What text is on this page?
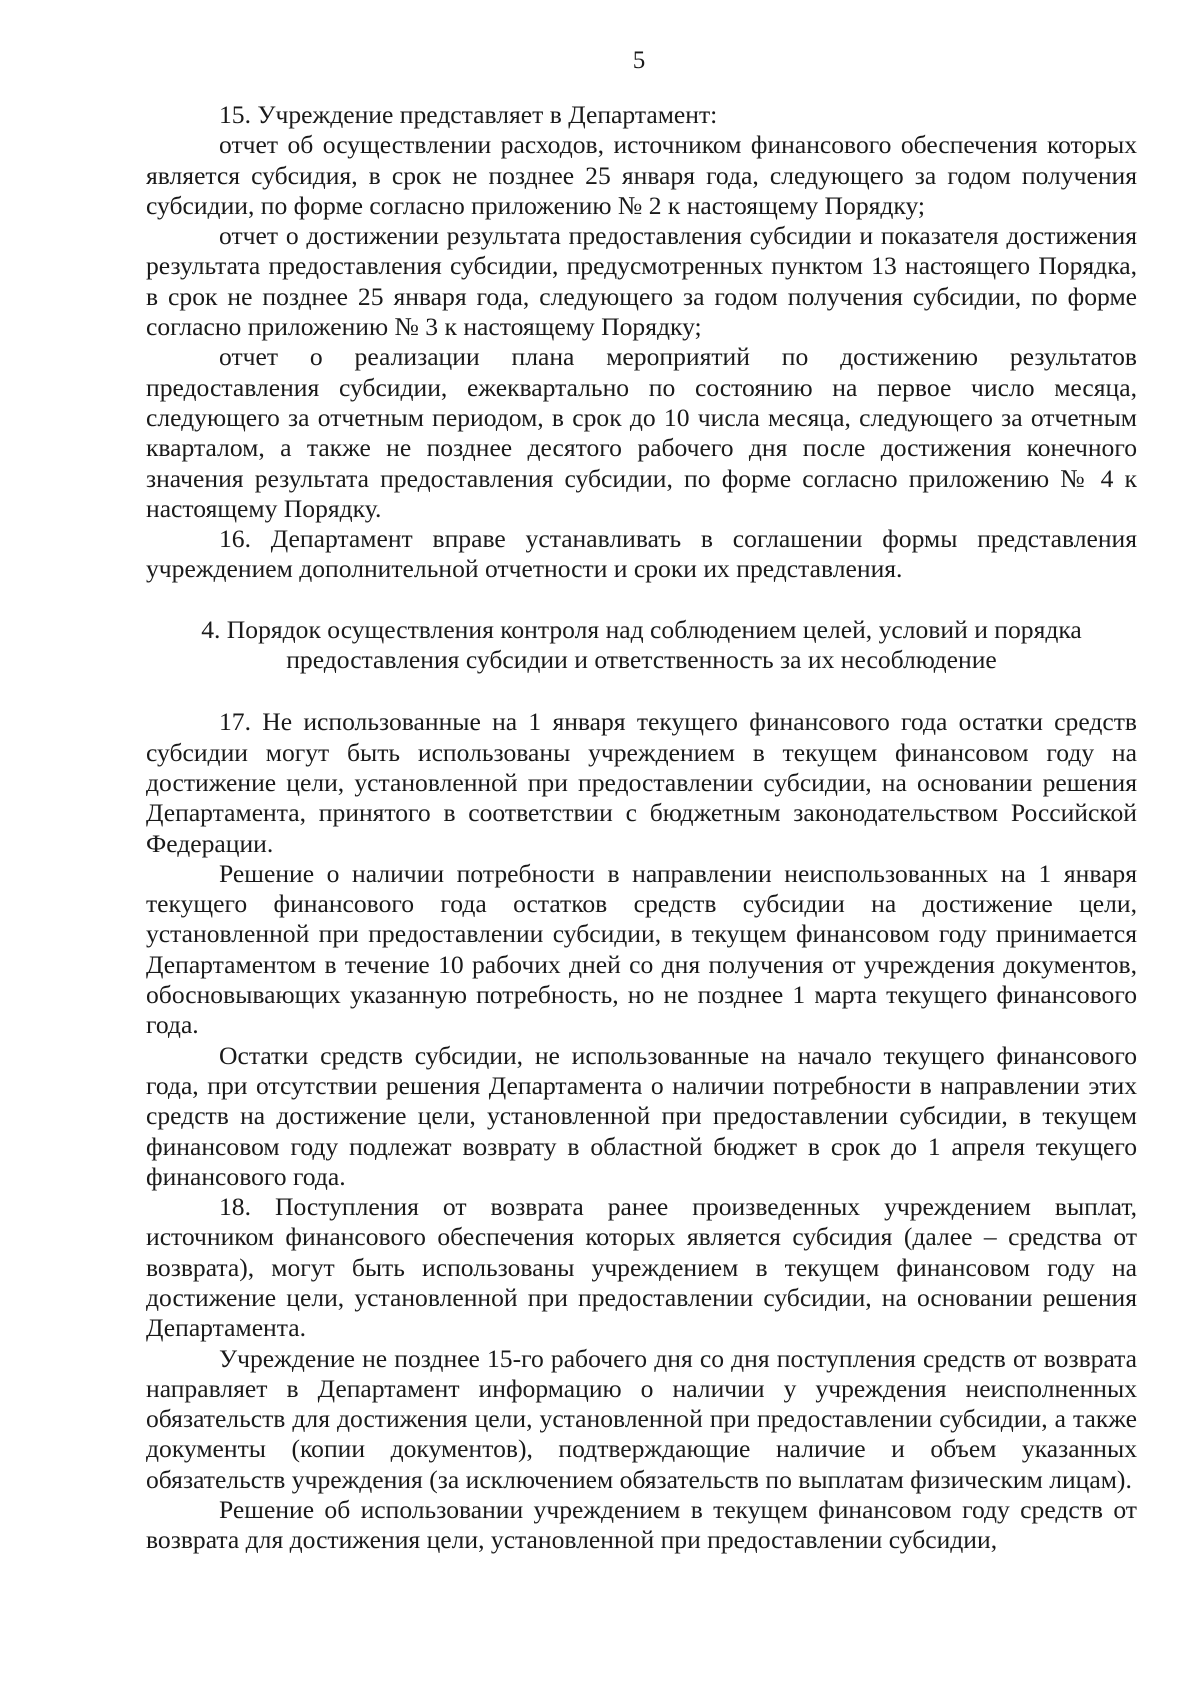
5

15. Учреждение представляет в Департамент:

отчет об осуществлении расходов, источником финансового обеспечения которых является субсидия, в срок не позднее 25 января года, следующего за годом получения субсидии, по форме согласно приложению № 2 к настоящему Порядку;

отчет о достижении результата предоставления субсидии и показателя достижения результата предоставления субсидии, предусмотренных пунктом 13 настоящего Порядка, в срок не позднее 25 января года, следующего за годом получения субсидии, по форме согласно приложению № 3 к настоящему Порядку;

отчет о реализации плана мероприятий по достижению результатов предоставления субсидии, ежеквартально по состоянию на первое число месяца, следующего за отчетным периодом, в срок до 10 числа месяца, следующего за отчетным кварталом, а также не позднее десятого рабочего дня после достижения конечного значения результата предоставления субсидии, по форме согласно приложению № 4 к настоящему Порядку.

16. Департамент вправе устанавливать в соглашении формы представления учреждением дополнительной отчетности и сроки их представления.

4. Порядок осуществления контроля над соблюдением целей, условий и порядка
предоставления субсидии и ответственность за их несоблюдение

17. Не использованные на 1 января текущего финансового года остатки средств субсидии могут быть использованы учреждением в текущем финансовом году на достижение цели, установленной при предоставлении субсидии, на основании решения Департамента, принятого в соответствии с бюджетным законодательством Российской Федерации.

Решение о наличии потребности в направлении неиспользованных на 1 января текущего финансового года остатков средств субсидии на достижение цели, установленной при предоставлении субсидии, в текущем финансовом году принимается Департаментом в течение 10 рабочих дней со дня получения от учреждения документов, обосновывающих указанную потребность, но не позднее 1 марта текущего финансового года.

Остатки средств субсидии, не использованные на начало текущего финансового года, при отсутствии решения Департамента о наличии потребности в направлении этих средств на достижение цели, установленной при предоставлении субсидии, в текущем финансовом году подлежат возврату в областной бюджет в срок до 1 апреля текущего финансового года.

18. Поступления от возврата ранее произведенных учреждением выплат, источником финансового обеспечения которых является субсидия (далее – средства от возврата), могут быть использованы учреждением в текущем финансовом году на достижение цели, установленной при предоставлении субсидии, на основании решения Департамента.

Учреждение не позднее 15-го рабочего дня со дня поступления средств от возврата направляет в Департамент информацию о наличии у учреждения неисполненных обязательств для достижения цели, установленной при предоставлении субсидии, а также документы (копии документов), подтверждающие наличие и объем указанных обязательств учреждения (за исключением обязательств по выплатам физическим лицам).

Решение об использовании учреждением в текущем финансовом году средств от возврата для достижения цели, установленной при предоставлении субсидии,
